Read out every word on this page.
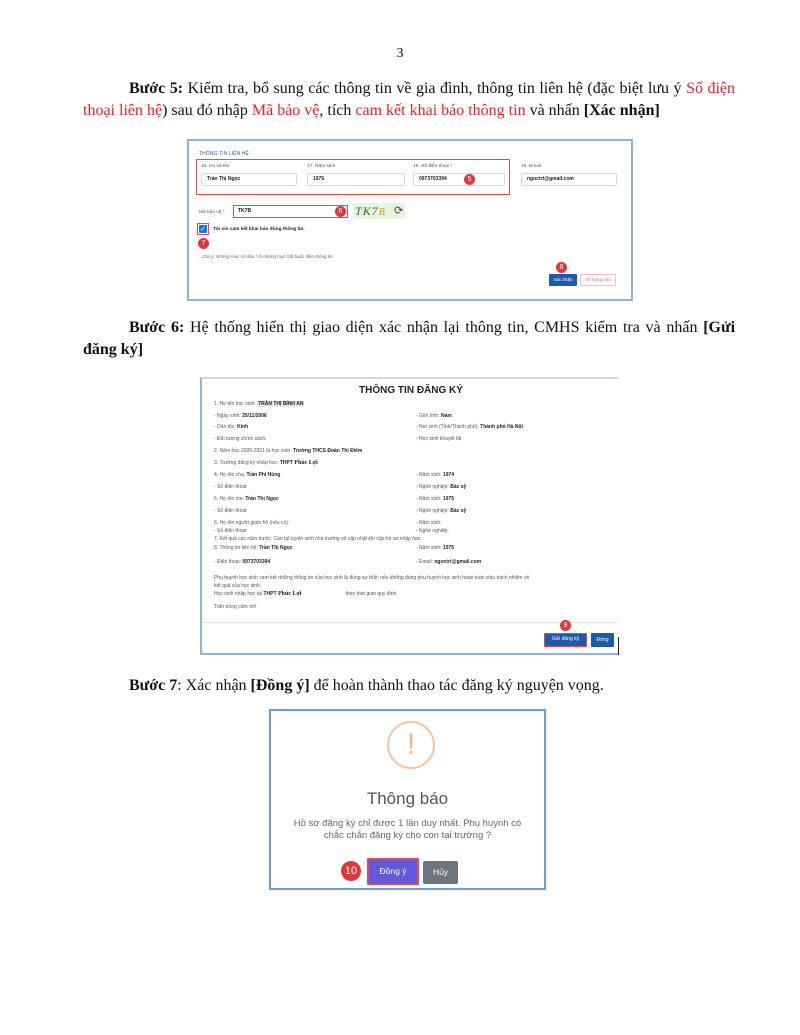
3

Bước 5: Kiểm tra, bổ sung các thông tin về gia đình, thông tin liên hệ (đặc biệt lưu ý Số điện thoại liên hệ) sau đó nhập Mã bảo vệ, tích cam kết khai báo thông tin và nhấn [Xác nhận]

THÔNG TIN LIÊN HỆ
16. Họ và tên
Trần Thị Ngọc
17. Năm sinh
1975
18. Số điện thoại *
0973703394	5
19. Email
ngoctrt@gmail.com
Mã bảo vệ *	TK7B	6 TK7B ⟳
✓ Tôi xin cam kết khai báo đúng thông tin.
7
- Chú ý: Những mục có dấu * là những mục bắt buộc điền thông tin.
8
Xác nhận	Về trang chủ

Bước 6: Hệ thống hiển thị giao diện xác nhận lại thông tin, CMHS kiểm tra và nhấn [Gửi đăng ký]

THÔNG TIN ĐĂNG KÝ
1. Họ tên học sinh: TRẦN THỊ BÌNH AN
- Ngày sinh: 25/11/2006	- Giới tính: Nam
- Dân tộc: Kinh	- Nơi sinh (Tỉnh/Thành phố): Thành phố Hà Nội
- Đối tượng chính sách:	- Học sinh khuyết tật
2. Năm học 2020-2021 là học sinh: Trường THCS Đoàn Thị Điểm
3. Trường đăng ký nhập học: THPT Phúc Lợi
4. Họ tên cha: Trần Phi Hùng	- Năm sinh: 1974
- Số điện thoại:	- Nghề nghiệp: Bác sỹ
5. Họ tên mẹ: Trần Thị Ngọc	- Năm sinh: 1975
- Số điện thoại:	- Nghề nghiệp: Bác sỹ
6. Họ tên người giám hộ (nếu có):	- Năm sinh:
- Số điện thoại:	- Nghề nghiệp:
7. Kết quả các năm trước: Cán bộ tuyển sinh nhà trường sẽ cập nhật khi nộp hồ sơ nhập học.
8. Thông tin liên hệ: Trần Thị Ngọc	- Năm sinh: 1975
- Điện thoại: 0973703394	- Email: ngoctrt@gmail.com
Phụ huynh học sinh cam kết những thông tin của học sinh là đúng sự thật; nếu không đúng phụ huynh học sinh hoàn toàn chịu trách nhiệm về
kết quả của học sinh.
Học sinh nhập học tại THPT Phúc Lợi	theo thời gian quy định.
Trân trọng cảm ơn!
9
Gửi đăng ký	Đóng

Bước 7: Xác nhận [Đồng ý] để hoàn thành thao tác đăng ký nguyện vọng.

!
Thông báo
Hồ sơ đăng ký chỉ được 1 lần duy nhất. Phụ huynh có chắc chắn đăng ký cho con tại trường ?
10	Đồng ý	Hủy
